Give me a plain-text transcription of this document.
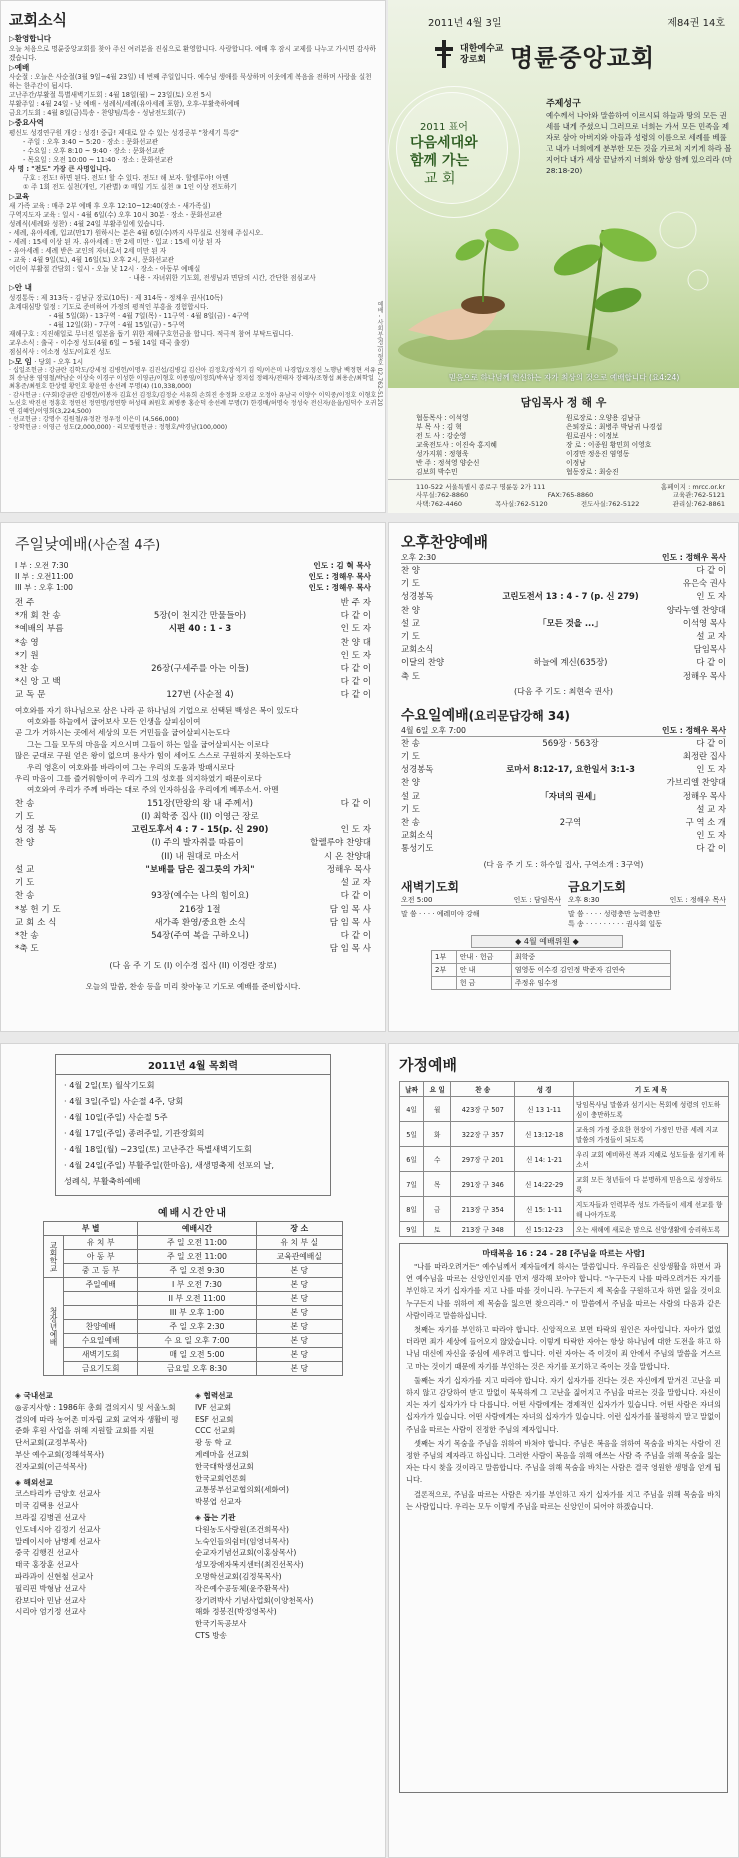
교회소식
▷환영합니다
오늘 처음으로 명륜중앙교회를 찾아 주신 여러분을 진심으로 환영합니다. 사랑합니다. 예배 후 잠시 교제를 나누고 가시면 감사하겠습니다.
▷예배
사순절 : 오늘은 사순절(3월 9일~4월 23일) 네 번째 주일입니다. 예수님 생애를 묵상하며 이웃에게 복음을 전하며 사랑을 실천하는 한주간이 됩시다.
고난주간/부활절 특별새벽기도회 : 4월 18일(월) ~ 23일(토) 오전 5시
부활주일 : 4월 24일 - 낮 예배 - 성례식/세례(유아세례 포함), 오후-부활축하예배
금요기도회 : 4월 8일(금)특송 - 찬양팀/특송 - 성남전도회(구)
▷중요사역
평신도 성경연구원 개강 : 성경! 중급! 제대로 알 수 있는 성경공부 "창세기 특강"
- 주일 : 오후 3:40 ~ 5:20 · 장소 : 문화선교관
- 수요일 : 오후 8:10 ~ 9:40 · 장소 : 문화선교관
- 목요일 : 오전 10:00 ~ 11:40 · 장소 : 문화선교관
사 명 : "전도" 가장 큰 사명입니다.
구호 : 전도! 하면 된다. 전도! 할 수 있다. 전도! 해 보자. 할렐루야! 아멘
① 주 1회 전도 실천(개인, 기관별) ② 매일 기도 실천 ③ 1인 이상 전도하기
▷교육
새 가족 교육 : 매주 2부 예배 후 오후 12:10~12:40(장소 - 새가족실)
구역지도자 교육 : 일시 - 4월 6일(수) 오후 10시 30분 · 장소 - 문화선교관
성례식(세례와 성찬) : 4월 24일 부활주일에 있습니다.
- 세례, 유아세례, 입교(만17) 원하시는 분은 4월 6일(수)까지 사무실로 신청해 주십시오.
- 세례 : 15세 이상 된 자. 유아세례 : 만 2세 미만 · 입교 : 15세 이상 된 자
- 유아세례 : 세례 받은 교인의 자녀로서 2세 미만 된 자
- 교육 : 4월 9일(토), 4월 16일(토) 오후 2시, 문화선교관
어린이 부활절 간담회 : 일시 - 오늘 낮 12시 · 장소 - 아동부 예배실
· 내용 - 자녀위한 기도회, 전생님과 면담의 시간, 간단한 점심교사
▷안 내
성경통독 : 제 313독 - 김남규 장로(10독) · 제 314독 - 정채우 권사(10독)
초계대심방 일정 : 기도로 준비하여 가정의 평적인 부흥을 경험합시다.
- 4월 5일(화) - 13구역 · 4월 7일(목) - 11구역 · 4월 8일(금) - 4구역
- 4월 12일(화) - 7구역 · 4월 15일(금) - 5구역
재해구호 : 지진해일로 무너진 일본을 돕기 위한 재해구호헌금을 합니다. 적극적 참여 부탁드립니다.
교우소식 : 출국 - 이수정 성도(4월 6일 ~ 5월 14일 태국 출장)
점심식사 : 이소정 성도/이효진 성도
▷모 임 · 당회 - 오후 1시
· 십일조헌금 : 강금란 김학도/강세정 김병헌/이명우 김진섭/김병길 김신아 김정호/장석기 김 익/이은미 나경업/오정신 노행남 백정현 서유희 송남용 염영철/박남순 이상숙 이경구 이성한 이영균/이형호 이종영/이정희/박옥남 정지섭 정혜자/전태자 장혜자/조형섭 최용순/최학일 최홍준/최원호 한상렬 황인호 황윤연 송선례 무명(4) (10,338,000)
· 감사헌금 : (구회)강금란 김병헌/이봉자 김효선 김정호/김정순 서유희 손희진 송정화 오광교 오정아 유남국 이양수 이익중/이정호 이형호 노신호 박진선 정흥호 정연선 정연명/정연향 허성태 최원호 최병종 홍순덕 송선례 무명(7) 한경배/허명숙 정성숙 전신자/윤을/임덕수 오귀연 김혜인/이영희(3,224,500)
· 선교헌금 : 강명수 김원철/유정찬 정우정 이은미 (4,566,000)
· 장학헌금 : 이영근 성도(2,000,000) · 리모델링헌금 : 정형호/박경남(100,000)
예배 - 사회부(경)이형호 02-762-5120
2011년 4월 3일	제84권 14호
대한예수교장로회 명륜중앙교회
2011 표어
다음세대와
함께 가는
교 회
주제성구
예수께서 나아와 말씀하여 이르시되 하늘과 땅의 모든 권세를 내게 주셨으니 그러므로 너희는 가서 모든 민족을 제자로 삼아 아버지와 아들과 성령의 이름으로 세례를 베풀고 내가 너희에게 분부한 모든 것을 가르쳐 지키게 하라 볼지어다 내가 세상 끝날까지 너희와 항상 함께 있으리라 (마28:18-20)
믿음으로 하나님께 헌신하는 자가 최상의 것으로 예배합니다 (요4:24)
담임목사 정 해 우
협동목사 : 이석영	원로장로 : 오양용 김남규
부 목 사 : 김 혁	은퇴장로 : 최병주 박남귀 나경섭
전 도 사 : 강순영	원로권사 : 이정보
교육전도사 : 이진숙 홍지혜	장 로 : 이종원 황민희 이영호
성가지휘 : 정형욱	이경만 정응진 염영동
반 주 : 정석영 양순신	이정남
김보희 박수민	협동장로 : 최승진
110-522 서울특별시 종로구 명륜동 2가 111	홈페이지 : mrcc.or.kr
사무실:762-8860	FAX:765-8860	교육관:762-5121
사택:762-4460	목사실:762-5120	전도사실:762-5122	관리실:762-8861
주일낮예배(사순절 4주)
I 부 : 오전 7:30	인도 : 김 혁 목사
II 부 : 오전11:00	인도 : 정해우 목사
III 부 : 오후 1:00	인도 : 정해우 목사
전 주	반 주 자
*개 회 찬 송	5장(이 천지간 만물들아)	다 같 이
*예배의 부름	시편 40 : 1 - 3	인 도 자
*송 영	찬 양 대
*기 원	인 도 자
*찬 송	26장(구세주를 아는 이들)	다 같 이
*신 앙 고 백	다 같 이
교 독 문	127번 (사순절 4)	다 같 이
여호와를 자기 하나님으로 삼은 나라 곧 하나님의 기업으로 선택된 백성은 복이 있도다
여호와를 하늘에서 굽어보사 모든 인생을 살피심이여
곧 그가 거하시는 곳에서 세상의 모든 거민들을 굽어살피시는도다
그는 그들 모두의 마음을 지으시며 그들이 하는 일을 굽어살피시는 이로다
많은 군대로 구원 얻은 왕이 없으며 용사가 힘이 세어도 스스로 구원하지 못하는도다
우리 영혼이 여호와를 바라이여 그는 우리의 도움과 방패시로다
우리 마음이 그를 즐거워함이여 우리가 그의 성호를 의지하였기 때문이로다
여호와여 우리가 주께 바라는 대로 주의 인자하심을 우리에게 베푸소서. 아멘
찬 송	151장(만왕의 왕 내 주께서)	다 같 이
기 도	(I) 최학중 집사 (II) 이영근 장로
성 경 봉 독	고린도후서 4 : 7 - 15(p. 신 290)	인 도 자
찬 양	(I) 주의 발자취를 따름이	할렐루야 찬양대
(II) 내 원대로 마소서	시 온 찬양대
설 교	"보배를 담은 질그릇의 가치"	정해우 목사
기 도	설 교 자
찬 송	93장(예수는 나의 힘이요)	다 같 이
*봉 헌 기 도	216장 1절	담 임 목 사
교 회 소 식	새가족 환영/중요한 소식	담 임 목 사
*찬 송	54장(주여 복을 구하오니)	다 같 이
*축 도	담 임 목 사
(다 음 주 기 도 (I) 이수경 집사 (II) 이경란 장로)
오늘의 말씀, 찬송 등을 미리 찾아놓고 기도로 예배를 준비합시다.
오후찬양예배
오후 2:30	인도 : 정해우 목사
찬 양	다 같 이
기 도	유은숙 권사
성경봉독	고린도전서 13 : 4 - 7 (p. 신 279)	인 도 자
찬 양	양라누엘 찬양대
설 교	「모든 것을 ...」	이석영 목사
기 도	설 교 자
교회소식	담임목사
이달의 찬양	하늘에 계신(635장)	다 같 이
축 도	정해우 목사
(다음 주 기도 : 최현숙 권사)
수요일예배(요리문답강해 34)
4월 6일 오후 7:00	인도 : 정해우 목사
찬 송	569장 · 563장	다 같 이
기 도	최정란 집사
성경봉독	로마서 8:12-17, 요한일서 3:1-3	인 도 자
찬 양	가브리엘 찬양대
설 교	「자녀의 권세」	정해우 목사
기 도	설 교 자
찬 송	2구역	구 역 소 개
교회소식	인 도 자
통성기도	다 같 이
(다 음 주 기 도 : 하수일 집사, 구역소개 : 3구역)
새벽기도회
오전 5:00	인도 : 담임목사
말 씀 · · · · 예레미야 강해
금요기도회
오후 8:30	인도 : 정해우 목사
말 씀 · · · · 성령충만 능력충만
특 송 · · · · · · · · · 권사회 일동
◆ 4월 예배위원 ◆
1부	안내 · 헌금	최학중
2부	안 내	염영동 이수경 김인정 박준자 김연숙
	헌 금	주정유 임수정
2011년 4월 목회력
· 4월 2일(토) 월삭기도회
· 4월 3일(주일) 사순절 4주, 당회
· 4월 10일(주일) 사순절 5주
· 4월 17일(주일) 종려주일, 기관장회의
· 4월 18일(월) ~23일(토) 고난주간 특별새벽기도회
· 4월 24일(주일) 부활주일(한마음), 새생명축제 선포의 날,
성례식, 부활축하예배
예배시간안내
부 별		예배시간	장 소
교회학교	유 치 부	주 일 오전 11:00	유 치 부 실
	아 동 부	주 일 오전 11:00	교육관예배실
	중 고 등 부	주 일 오전 9:30	본 당
청장년예배	주일예배	I 부 오전 7:30	본 당
		II 부 오전 11:00	본 당
		III 부 오후 1:00	본 당
	찬양예배	주 일 오후 2:30	본 당
	수요일예배	수 요 일 오후 7:00	본 당
	새벽기도회	매 일 오전 5:00	본 당
	금요기도회	금요일 오후 8:30	본 당
◈ 국내선교
◎공지사항 : 1986年 총회 결의지시 및 서울노회 결의에 따라 농어촌 미자립 교회 교역자 생활비 평준화 후원 사업을 위해 지원할 교회를 지원
단서교회(교정부목사)
부산 예수교회(정해석목사)
진자교회(이근석목사)
◈ 해외선교
코스타리카 금양호 선교사
미국 김택용 선교사
브라질 김병권 선교사
인도네시아 김정기 선교사
말레이시아 남병제 선교사
중국 김행진 선교사
태국 홍장훈 선교사
파라과이 신현철 선교사
필리핀 박형남 선교사
캄보디아 민남 선교사
시리아 엄기정 선교사
◈ 협력선교
IVF 선교회
ESF 선교회
CCC 선교회
광 동 학 교
계레마을 선교회
한국대학생선교회
한국교회언론회
교통봉부선교협의회(세화여)
박봉엽 선교자
◈ 돕는 기관
다원농도사랑원(조건희목사)
노숙인들의쉼터(임영녀목사)
순교자기념선교회(이홍삼목사)
성모장애자복지센터(최진선목사)
오명학선교회(김정묵목사)
작은예수공동체(윤주환목사)
장기려박사 기념사업회(이양천목사)
해화 정봉진(박정영목사)
한국기독공보사
CTS 방송
가정예배
날짜	요 일	찬 송	성 경	기 도 제 목
4일	월	423장 구 507	신 13 1-11	당임목사님 말씀과 섬기시는 목회에 성령의 인도하심이 충만하도록
5일	화	322장 구 357	신 13:12-18	교육의 가정 중요한 현장이 가정인 만큼 세례 지교 말씀의 가정들이 되도록
6일	수	297장 구 201	신 14: 1-21	우리 교회 예비하신 복과 지혜로 성도들을 섬기게 하소서
7일	목	291장 구 346	신 14:22-29	교회 모든 청년들이 다 분명하게 믿음으로 성장하도록
8일	금	213장 구 354	신 15: 1-11	지도자들과 인력부족 성도 가족들이 세계 선교를 향해 나아가도록
9일	토	213장 구 348	신 15:12-23	오는 새해에 새로운 맘으로 신앙생활에 승리하도록
마태복음 16 : 24 - 28 [주님을 따르는 사람]
"나를 따라오려거든" 예수님께서 제자들에게 하시는 말씀입니다. 우리들은 신앙생활을 하면서 과연 예수님을 따르는 신앙인인지를 먼저 생각해 보아야 합니다. "누구든지 나를 따라오려거든 자기를 부인하고 자기 십자가를 지고 나를 따를 것이니라. 누구든지 제 목숨을 구원하고자 하면 잃을 것이요 누구든지 나를 위하여 제 목숨을 잃으면 찾으리라." 이 말씀에서 주님을 따르는 사람의 다음과 같은 사람이라고 말씀하십니다.
첫째는 자기를 부인하고 따라야 합니다. 신앙적으로 보면 타락의 원인은 자아입니다. 자아가 없었더라면 죄가 세상에 들어오지 않았습니다. 이렇게 타락한 자아는 항상 하나님에 대한 도전을 하고 하나님 대신에 자신을 중심에 세우려고 합니다. 이런 자아는 즉 이것이 죄 안에서 주님의 말씀을 거스르고 마는 것이기 때문에 자기를 부인하는 것은 자기를 포기하고 죽이는 것을 말합니다.
둘째는 자기 십자가를 지고 따라야 합니다. 자기 십자가를 진다는 것은 자신에게 맡겨진 고난을 피하지 않고 감당하여 받고 말없이 묵묵하게 그 고난을 짊어지고 주님을 따르는 것을 말합니다. 자신이 지는 자기 십자가가 다 다릅니다. 어떤 사람에게는 경제적인 십자가가 있습니다. 어떤 사람은 자녀의 십자가가 있습니다. 어떤 사람에게는 자녀의 십자가가 있습니다. 이런 십자가를 불평하지 말고 말없이 주님을 따르는 사람이 진정한 주님의 제자입니다.
셋째는 자기 목숨을 주님을 위하여 바쳐야 합니다. 주님은 복음을 위하여 목숨을 바치는 사람이 진정한 주님의 제자라고 하십니다. 그러한 사람이 복음을 위해 애쓰는 사람 즉 주님을 위해 목숨을 잃는 자는 다시 찾을 것이라고 말씀합니다. 주님을 위해 목숨을 바치는 사람은 결국 영원한 생명을 얻게 됩니다.
결론적으로, 주님을 따르는 사람은 자기를 부인하고 자기 십자가를 지고 주님을 위해 목숨을 바치는 사람입니다. 우리는 모두 이렇게 주님을 따르는 신앙인이 되어야 하겠습니다.
